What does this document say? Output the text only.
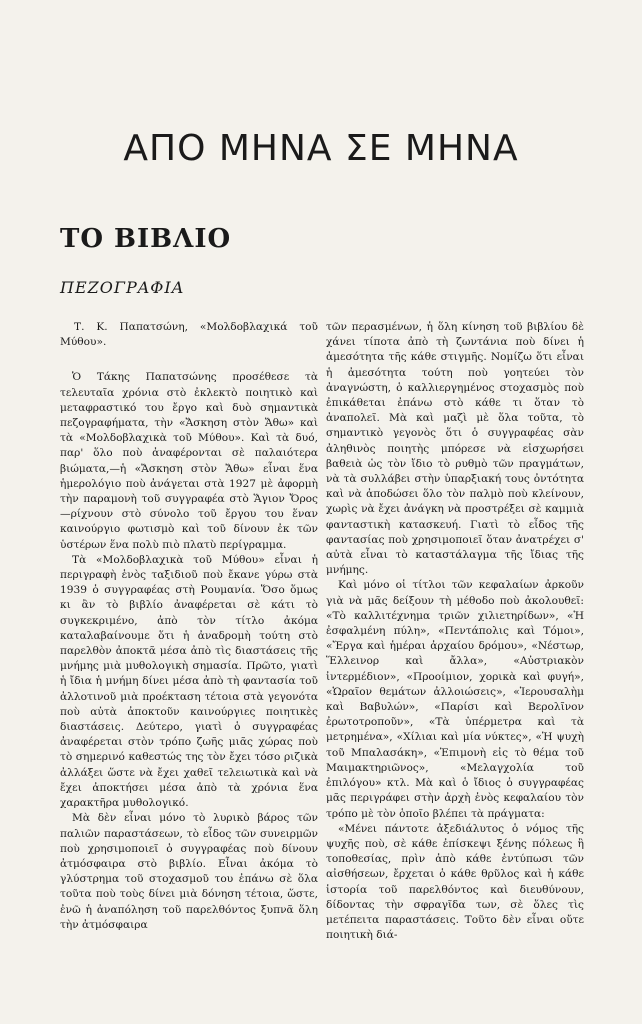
ΑΠΟ ΜΗΝΑ ΣΕ ΜΗΝΑ
ΤΟ ΒΙΒΛΙΟ
ΠΕΖΟΓΡΑΦΙΑ

Τ. Κ. Παπατσώνη, «Μολδοβλαχικά τοῦ Μύθου».

Ὁ Τάκης Παπατσώνης προσέθεσε τὰ τελευταῖα χρόνια στὸ ἐκλεκτὸ ποιητικὸ καὶ μεταφραστικό του ἔργο καὶ δυὸ σημαντικὰ πεζογραφήματα, τὴν «Ἄσκηση στὸν Ἄθω» καὶ τὰ «Μολδοβλαχικὰ τοῦ Μύθου». Καὶ τὰ δυό, παρ' ὅλο ποὺ ἀναφέρονται σὲ παλαιότερα βιώματα,—ἡ «Ἄσκηση στὸν Ἄθω» εἶναι ἕνα ἡμερολόγιο ποὺ ἀνάγεται στὰ 1927 μὲ ἀφορμὴ τὴν παραμονὴ τοῦ συγγραφέα στὸ Ἅγιον Ὄρος—ρίχνουν στὸ σύνολο τοῦ ἔργου του ἕναν καινούργιο φωτισμὸ καὶ τοῦ δίνουν ἐκ τῶν ὑστέρων ἕνα πολὺ πιὸ πλατὺ περίγραμμα.

Τὰ «Μολδοβλαχικὰ τοῦ Μύθου» εἶναι ἡ περιγραφὴ ἑνὸς ταξιδιοῦ ποὺ ἔκανε γύρω στὰ 1939 ὁ συγγραφέας στὴ Ρουμανία. Ὅσο ὅμως κι ἂν τὸ βιβλίο ἀναφέρεται σὲ κάτι τὸ συγκεκριμένο, ἀπὸ τὸν τίτλο ἀκόμα καταλαβαίνουμε ὅτι ἡ ἀναδρομὴ τούτη στὸ παρελθὸν ἀποκτᾶ μέσα ἀπὸ τὶς διαστάσεις τῆς μνήμης μιὰ μυθολογικὴ σημασία. Πρῶτο, γιατὶ ἡ ἴδια ἡ μνήμη δίνει μέσα ἀπὸ τὴ φαντασία τοῦ ἀλλοτινοῦ μιὰ προέκταση τέτοια στὰ γεγονότα ποὺ αὐτὰ ἀποκτοῦν καινούργιες ποιητικὲς διαστάσεις. Δεύτερο, γιατὶ ὁ συγγραφέας ἀναφέρεται στὸν τρόπο ζωῆς μιᾶς χώρας ποὺ τὸ σημερινό καθεστώς της τὸν ἔχει τόσο ριζικὰ ἀλλάξει ὥστε νὰ ἔχει χαθεῖ τελειωτικὰ καὶ νὰ ἔχει ἀποκτήσει μέσα ἀπὸ τὰ χρόνια ἕνα χαρακτῆρα μυθολογικό.

Μὰ δὲν εἶναι μόνο τὸ λυρικὸ βάρος τῶν παλιῶν παραστάσεων, τὸ εἶδος τῶν συνειρμῶν ποὺ χρησιμοποιεῖ ὁ συγγραφέας ποὺ δίνουν ἀτμόσφαιρα στὸ βιβλίο. Εἶναι ἀκόμα τὸ γλύστρημα τοῦ στοχασμοῦ του ἐπάνω σὲ ὅλα τοῦτα ποὺ τοὺς δίνει μιὰ δόνηση τέτοια, ὥστε, ἐνῶ ἡ ἀναπόληση τοῦ παρελθόντος ξυπνᾶ ὅλη τὴν ἀτμόσφαιρα

τῶν περασμένων, ἡ ὅλη κίνηση τοῦ βιβλίου δὲ χάνει τίποτα ἀπὸ τὴ ζωντάνια ποὺ δίνει ἡ ἀμεσότητα τῆς κάθε στιγμῆς. Νομίζω ὅτι εἶναι ἡ ἀμεσότητα τούτη ποὺ γοητεύει τὸν ἀναγνώστη, ὁ καλλιεργημένος στοχασμὸς ποὺ ἐπικάθεται ἐπάνω στὸ κάθε τι ὅταν τὸ ἀναπολεῖ. Μὰ καὶ μαζὶ μὲ ὅλα τοῦτα, τὸ σημαντικὸ γεγονὸς ὅτι ὁ συγγραφέας σὰν ἀληθινὸς ποιητὴς μπόρεσε νὰ εἰσχωρήσει βαθειὰ ὡς τὸν ἴδιο τὸ ρυθμὸ τῶν πραγμάτων, νὰ τὰ συλλάβει στὴν ὑπαρξιακή τους ὀντότητα καὶ νὰ ἀποδώσει ὅλο τὸν παλμὸ ποὺ κλείνουν, χωρὶς νὰ ἔχει ἀνάγκη νὰ προστρέξει σὲ καμμιὰ φανταστικὴ κατασκευή. Γιατὶ τὸ εἶδος τῆς φαντασίας ποὺ χρησιμοποιεῖ ὅταν ἀνατρέχει σ' αὐτὰ εἶναι τὸ καταστάλαγμα τῆς ἴδιας τῆς μνήμης.

Καὶ μόνο οἱ τίτλοι τῶν κεφαλαίων ἀρκοῦν γιὰ νὰ μᾶς δείξουν τὴ μέθοδο ποὺ ἀκολουθεῖ: «Τὸ καλλιτέχνημα τριῶν χιλιετηρίδων», «Ἡ ἐσφαλμένη πύλη», «Πεντάπολις καὶ Τόμοι», «Ἔργα καὶ ἡμέραι ἀρχαίου δρόμου», «Νέστωρ, Ἕλλεινορ καὶ ἄλλα», «Αὐστριακὸν ἰντερμέδιον», «Προοίμιον, χορικὰ καὶ φυγή», «Ὡραῖον θεμάτων ἀλλοιώσεις», «Ἱερουσαλὴμ καὶ Βαβυλών», «Παρίσι καὶ Βερολῖνον ἐρωτοτροποῦν», «Τὰ ὑπέρμετρα καὶ τὰ μετρημένα», «Χίλιαι καὶ μία νύκτες», «Ἡ ψυχὴ τοῦ Μπαλασάκη», «Ἐπιμονὴ εἰς τὸ θέμα τοῦ Μαιμακτηριῶνος», «Μελαγχολία τοῦ ἐπιλόγου» κτλ. Μὰ καὶ ὁ ἴδιος ὁ συγγραφέας μᾶς περιγράφει στὴν ἀρχὴ ἑνὸς κεφαλαίου τὸν τρόπο μὲ τὸν ὁποῖο βλέπει τὰ πράγματα:

«Μένει πάντοτε ἀξεδιάλυτος ὁ νόμος τῆς ψυχῆς ποὺ, σὲ κάθε ἐπίσκεψι ξένης πόλεως ἢ τοποθεσίας, πρὶν ἀπὸ κάθε ἐντύπωσι τῶν αἰσθήσεων, ἔρχεται ὁ κάθε θρῦλος καὶ ἡ κάθε ἱστορία τοῦ παρελθόντος καὶ διευθύνουν, δίδοντας τὴν σφραγῖδα των, σὲ ὅλες τὶς μετέπειτα παραστάσεις. Τοῦτο δὲν εἶναι οὔτε ποιητικὴ διά-
